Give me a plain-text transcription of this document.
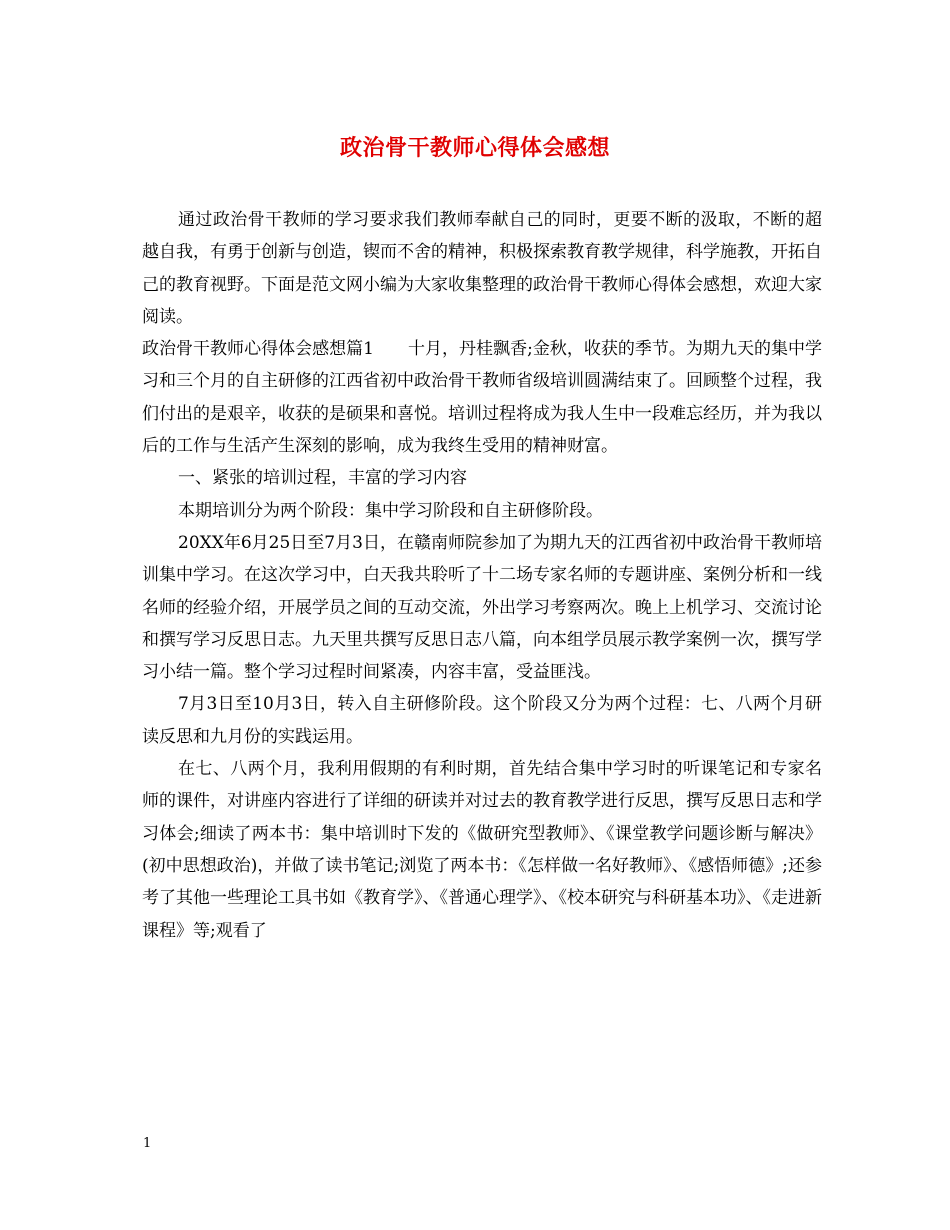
政治骨干教师心得体会感想

通过政治骨干教师的学习要求我们教师奉献自己的同时，更要不断的汲取，不断的超越自我，有勇于创新与创造，锲而不舍的精神，积极探索教育教学规律，科学施教，开拓自己的教育视野。下面是范文网小编为大家收集整理的政治骨干教师心得体会感想，欢迎大家阅读。

政治骨干教师心得体会感想篇1　　十月，丹桂飘香;金秋，收获的季节。为期九天的集中学习和三个月的自主研修的江西省初中政治骨干教师省级培训圆满结束了。回顾整个过程，我们付出的是艰辛，收获的是硕果和喜悦。培训过程将成为我人生中一段难忘经历，并为我以后的工作与生活产生深刻的影响，成为我终生受用的精神财富。

一、紧张的培训过程，丰富的学习内容

本期培训分为两个阶段：集中学习阶段和自主研修阶段。

20XX年6月25日至7月3日，在赣南师院参加了为期九天的江西省初中政治骨干教师培训集中学习。在这次学习中，白天我共聆听了十二场专家名师的专题讲座、案例分析和一线名师的经验介绍，开展学员之间的互动交流，外出学习考察两次。晚上上机学习、交流讨论和撰写学习反思日志。九天里共撰写反思日志八篇，向本组学员展示教学案例一次，撰写学习小结一篇。整个学习过程时间紧凑，内容丰富，受益匪浅。

7月3日至10月3日，转入自主研修阶段。这个阶段又分为两个过程：七、八两个月研读反思和九月份的实践运用。

在七、八两个月，我利用假期的有利时期，首先结合集中学习时的听课笔记和专家名师的课件，对讲座内容进行了详细的研读并对过去的教育教学进行反思，撰写反思日志和学习体会;细读了两本书：集中培训时下发的《做研究型教师》、《课堂教学问题诊断与解决》(初中思想政治)，并做了读书笔记;浏览了两本书：《怎样做一名好教师》、《感悟师德》;还参考了其他一些理论工具书如《教育学》、《普通心理学》、《校本研究与科研基本功》、《走进新课程》等;观看了

1
